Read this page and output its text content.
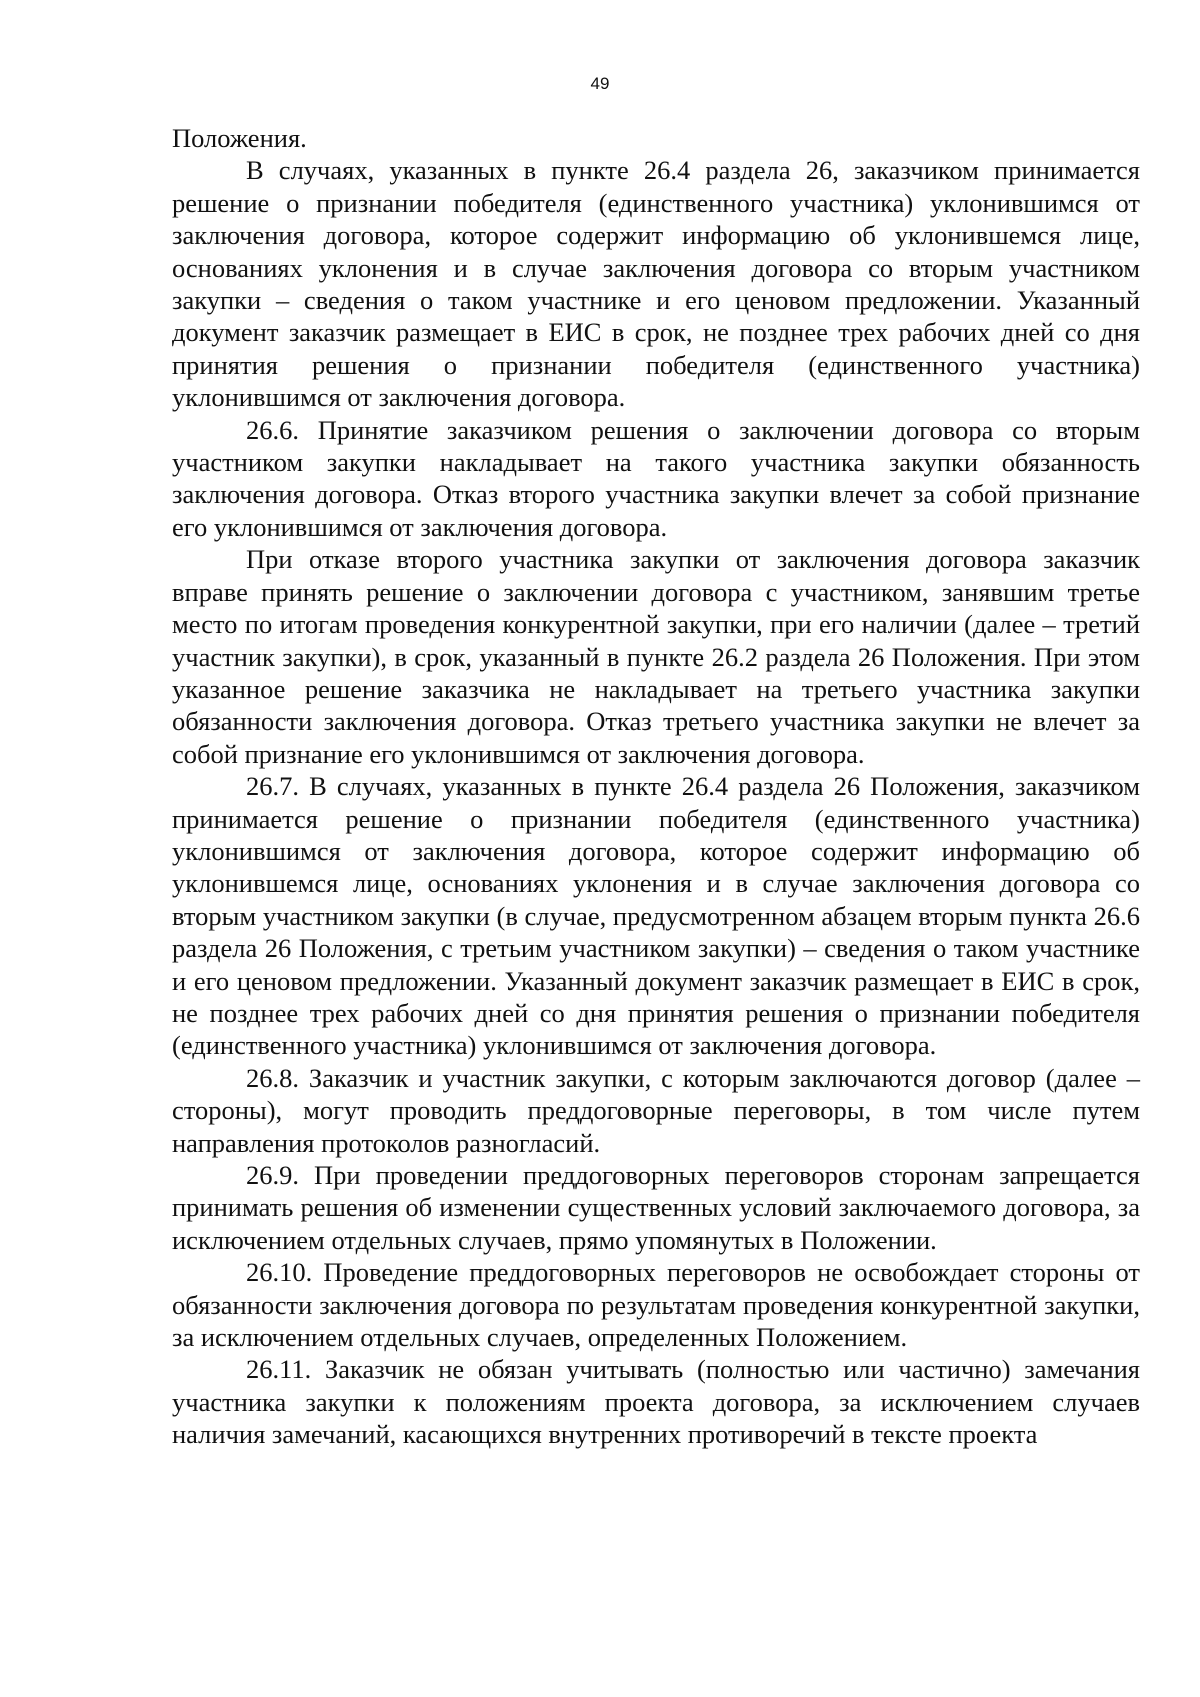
49

Положения.

В случаях, указанных в пункте 26.4 раздела 26, заказчиком принимается решение о признании победителя (единственного участника) уклонившимся от заключения договора, которое содержит информацию об уклонившемся лице, основаниях уклонения и в случае заключения договора со вторым участником закупки – сведения о таком участнике и его ценовом предложении. Указанный документ заказчик размещает в ЕИС в срок, не позднее трех рабочих дней со дня принятия решения о признании победителя (единственного участника) уклонившимся от заключения договора.

26.6. Принятие заказчиком решения о заключении договора со вторым участником закупки накладывает на такого участника закупки обязанность заключения договора. Отказ второго участника закупки влечет за собой признание его уклонившимся от заключения договора.

При отказе второго участника закупки от заключения договора заказчик вправе принять решение о заключении договора с участником, занявшим третье место по итогам проведения конкурентной закупки, при его наличии (далее – третий участник закупки), в срок, указанный в пункте 26.2 раздела 26 Положения. При этом указанное решение заказчика не накладывает на третьего участника закупки обязанности заключения договора. Отказ третьего участника закупки не влечет за собой признание его уклонившимся от заключения договора.

26.7. В случаях, указанных в пункте 26.4 раздела 26 Положения, заказчиком принимается решение о признании победителя (единственного участника) уклонившимся от заключения договора, которое содержит информацию об уклонившемся лице, основаниях уклонения и в случае заключения договора со вторым участником закупки (в случае, предусмотренном абзацем вторым пункта 26.6 раздела 26 Положения, с третьим участником закупки) – сведения о таком участнике и его ценовом предложении. Указанный документ заказчик размещает в ЕИС в срок, не позднее трех рабочих дней со дня принятия решения о признании победителя (единственного участника) уклонившимся от заключения договора.

26.8. Заказчик и участник закупки, с которым заключаются договор (далее – стороны), могут проводить преддоговорные переговоры, в том числе путем направления протоколов разногласий.

26.9. При проведении преддоговорных переговоров сторонам запрещается принимать решения об изменении существенных условий заключаемого договора, за исключением отдельных случаев, прямо упомянутых в Положении.

26.10. Проведение преддоговорных переговоров не освобождает стороны от обязанности заключения договора по результатам проведения конкурентной закупки, за исключением отдельных случаев, определенных Положением.

26.11. Заказчик не обязан учитывать (полностью или частично) замечания участника закупки к положениям проекта договора, за исключением случаев наличия замечаний, касающихся внутренних противоречий в тексте проекта
